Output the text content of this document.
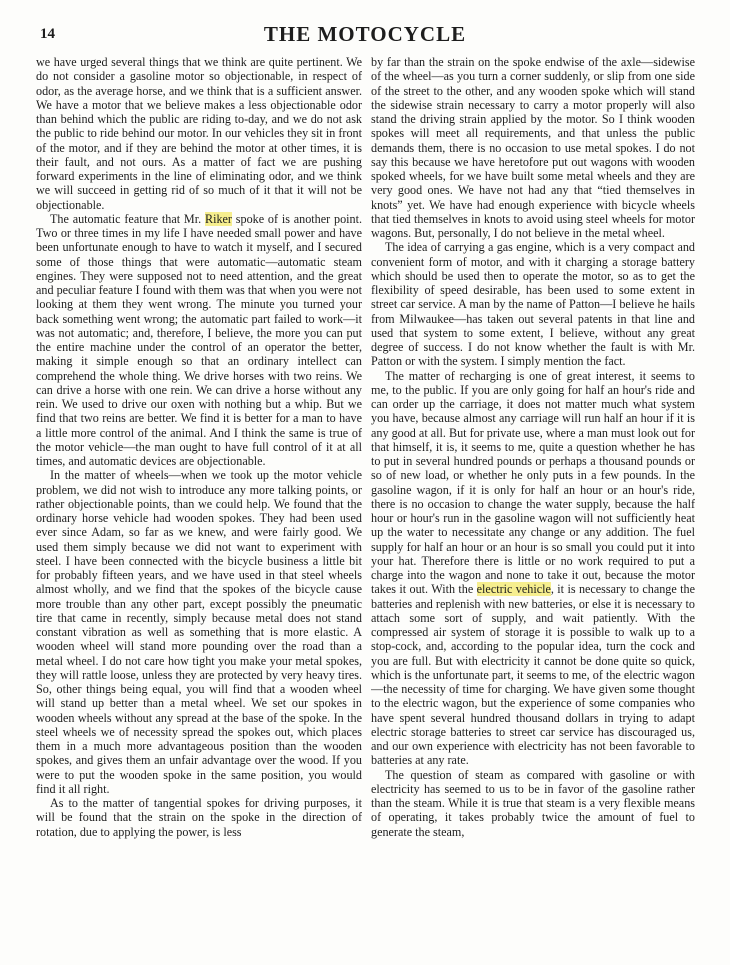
14	THE MOTOCYCLE

we have urged several things that we think are quite pertinent. We do not consider a gasoline motor so objectionable, in respect of odor, as the average horse, and we think that is a sufficient answer. We have a motor that we believe makes a less objectionable odor than behind which the public are riding to-day, and we do not ask the public to ride behind our motor. In our vehicles they sit in front of the motor, and if they are behind the motor at other times, it is their fault, and not ours. As a matter of fact we are pushing forward experiments in the line of eliminating odor, and we think we will succeed in getting rid of so much of it that it will not be objectionable.

The automatic feature that Mr. Riker spoke of is another point. Two or three times in my life I have needed small power and have been unfortunate enough to have to watch it myself, and I secured some of those things that were automatic—automatic steam engines. They were supposed not to need attention, and the great and peculiar feature I found with them was that when you were not looking at them they went wrong. The minute you turned your back something went wrong; the automatic part failed to work—it was not automatic; and, therefore, I believe, the more you can put the entire machine under the control of an operator the better, making it simple enough so that an ordinary intellect can comprehend the whole thing. We drive horses with two reins. We can drive a horse with one rein. We can drive a horse without any rein. We used to drive our oxen with nothing but a whip. But we find that two reins are better. We find it is better for a man to have a little more control of the animal. And I think the same is true of the motor vehicle—the man ought to have full control of it at all times, and automatic devices are objectionable.

In the matter of wheels—when we took up the motor vehicle problem, we did not wish to introduce any more talking points, or rather objectionable points, than we could help. We found that the ordinary horse vehicle had wooden spokes. They had been used ever since Adam, so far as we knew, and were fairly good. We used them simply because we did not want to experiment with steel. I have been connected with the bicycle business a little bit for probably fifteen years, and we have used in that steel wheels almost wholly, and we find that the spokes of the bicycle cause more trouble than any other part, except possibly the pneumatic tire that came in recently, simply because metal does not stand constant vibration as well as something that is more elastic. A wooden wheel will stand more pounding over the road than a metal wheel. I do not care how tight you make your metal spokes, they will rattle loose, unless they are protected by very heavy tires. So, other things being equal, you will find that a wooden wheel will stand up better than a metal wheel. We set our spokes in wooden wheels without any spread at the base of the spoke. In the steel wheels we of necessity spread the spokes out, which places them in a much more advantageous position than the wooden spokes, and gives them an unfair advantage over the wood. If you were to put the wooden spoke in the same position, you would find it all right.

As to the matter of tangential spokes for driving purposes, it will be found that the strain on the spoke in the direction of rotation, due to applying the power, is less

by far than the strain on the spoke endwise of the axle—sidewise of the wheel—as you turn a corner suddenly, or slip from one side of the street to the other, and any wooden spoke which will stand the sidewise strain necessary to carry a motor properly will also stand the driving strain applied by the motor. So I think wooden spokes will meet all requirements, and that unless the public demands them, there is no occasion to use metal spokes. I do not say this because we have heretofore put out wagons with wooden spoked wheels, for we have built some metal wheels and they are very good ones. We have not had any that “tied themselves in knots” yet. We have had enough experience with bicycle wheels that tied themselves in knots to avoid using steel wheels for motor wagons. But, personally, I do not believe in the metal wheel.

The idea of carrying a gas engine, which is a very compact and convenient form of motor, and with it charging a storage battery which should be used then to operate the motor, so as to get the flexibility of speed desirable, has been used to some extent in street car service. A man by the name of Patton—I believe he hails from Milwaukee—has taken out several patents in that line and used that system to some extent, I believe, without any great degree of success. I do not know whether the fault is with Mr. Patton or with the system. I simply mention the fact.

The matter of recharging is one of great interest, it seems to me, to the public. If you are only going for half an hour's ride and can order up the carriage, it does not matter much what system you have, because almost any carriage will run half an hour if it is any good at all. But for private use, where a man must look out for that himself, it is, it seems to me, quite a question whether he has to put in several hundred pounds or perhaps a thousand pounds or so of new load, or whether he only puts in a few pounds. In the gasoline wagon, if it is only for half an hour or an hour's ride, there is no occasion to change the water supply, because the half hour or hour's run in the gasoline wagon will not sufficiently heat up the water to necessitate any change or any addition. The fuel supply for half an hour or an hour is so small you could put it into your hat. Therefore there is little or no work required to put a charge into the wagon and none to take it out, because the motor takes it out. With the electric vehicle, it is necessary to change the batteries and replenish with new batteries, or else it is necessary to attach some sort of supply, and wait patiently. With the compressed air system of storage it is possible to walk up to a stop-cock, and, according to the popular idea, turn the cock and you are full. But with electricity it cannot be done quite so quick, which is the unfortunate part, it seems to me, of the electric wagon—the necessity of time for charging. We have given some thought to the electric wagon, but the experience of some companies who have spent several hundred thousand dollars in trying to adapt electric storage batteries to street car service has discouraged us, and our own experience with electricity has not been favorable to batteries at any rate.

The question of steam as compared with gasoline or with electricity has seemed to us to be in favor of the gasoline rather than the steam. While it is true that steam is a very flexible means of operating, it takes probably twice the amount of fuel to generate the steam,
